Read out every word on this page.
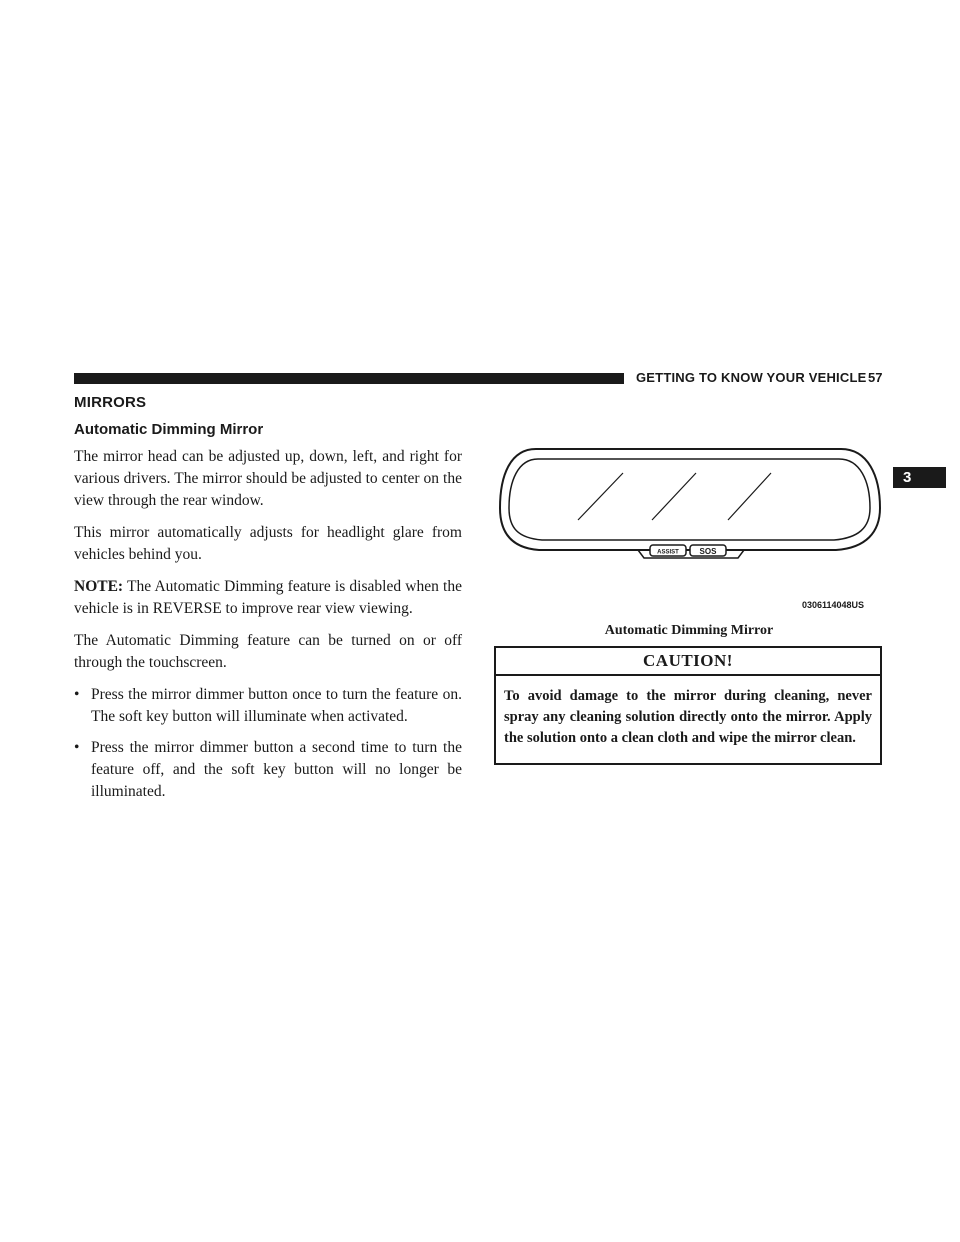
GETTING TO KNOW YOUR VEHICLE 57
3
MIRRORS
Automatic Dimming Mirror

The mirror head can be adjusted up, down, left, and right for various drivers. The mirror should be adjusted to center on the view through the rear window.

This mirror automatically adjusts for headlight glare from vehicles behind you.

NOTE: The Automatic Dimming feature is disabled when the vehicle is in REVERSE to improve rear view viewing.

The Automatic Dimming feature can be turned on or off through the touchscreen.

• Press the mirror dimmer button once to turn the feature on. The soft key button will illuminate when activated.
• Press the mirror dimmer button a second time to turn the feature off, and the soft key button will no longer be illuminated.
ASSIST	SOS
0306114048US
Automatic Dimming Mirror
CAUTION!
To avoid damage to the mirror during cleaning, never spray any cleaning solution directly onto the mirror. Apply the solution onto a clean cloth and wipe the mirror clean.
